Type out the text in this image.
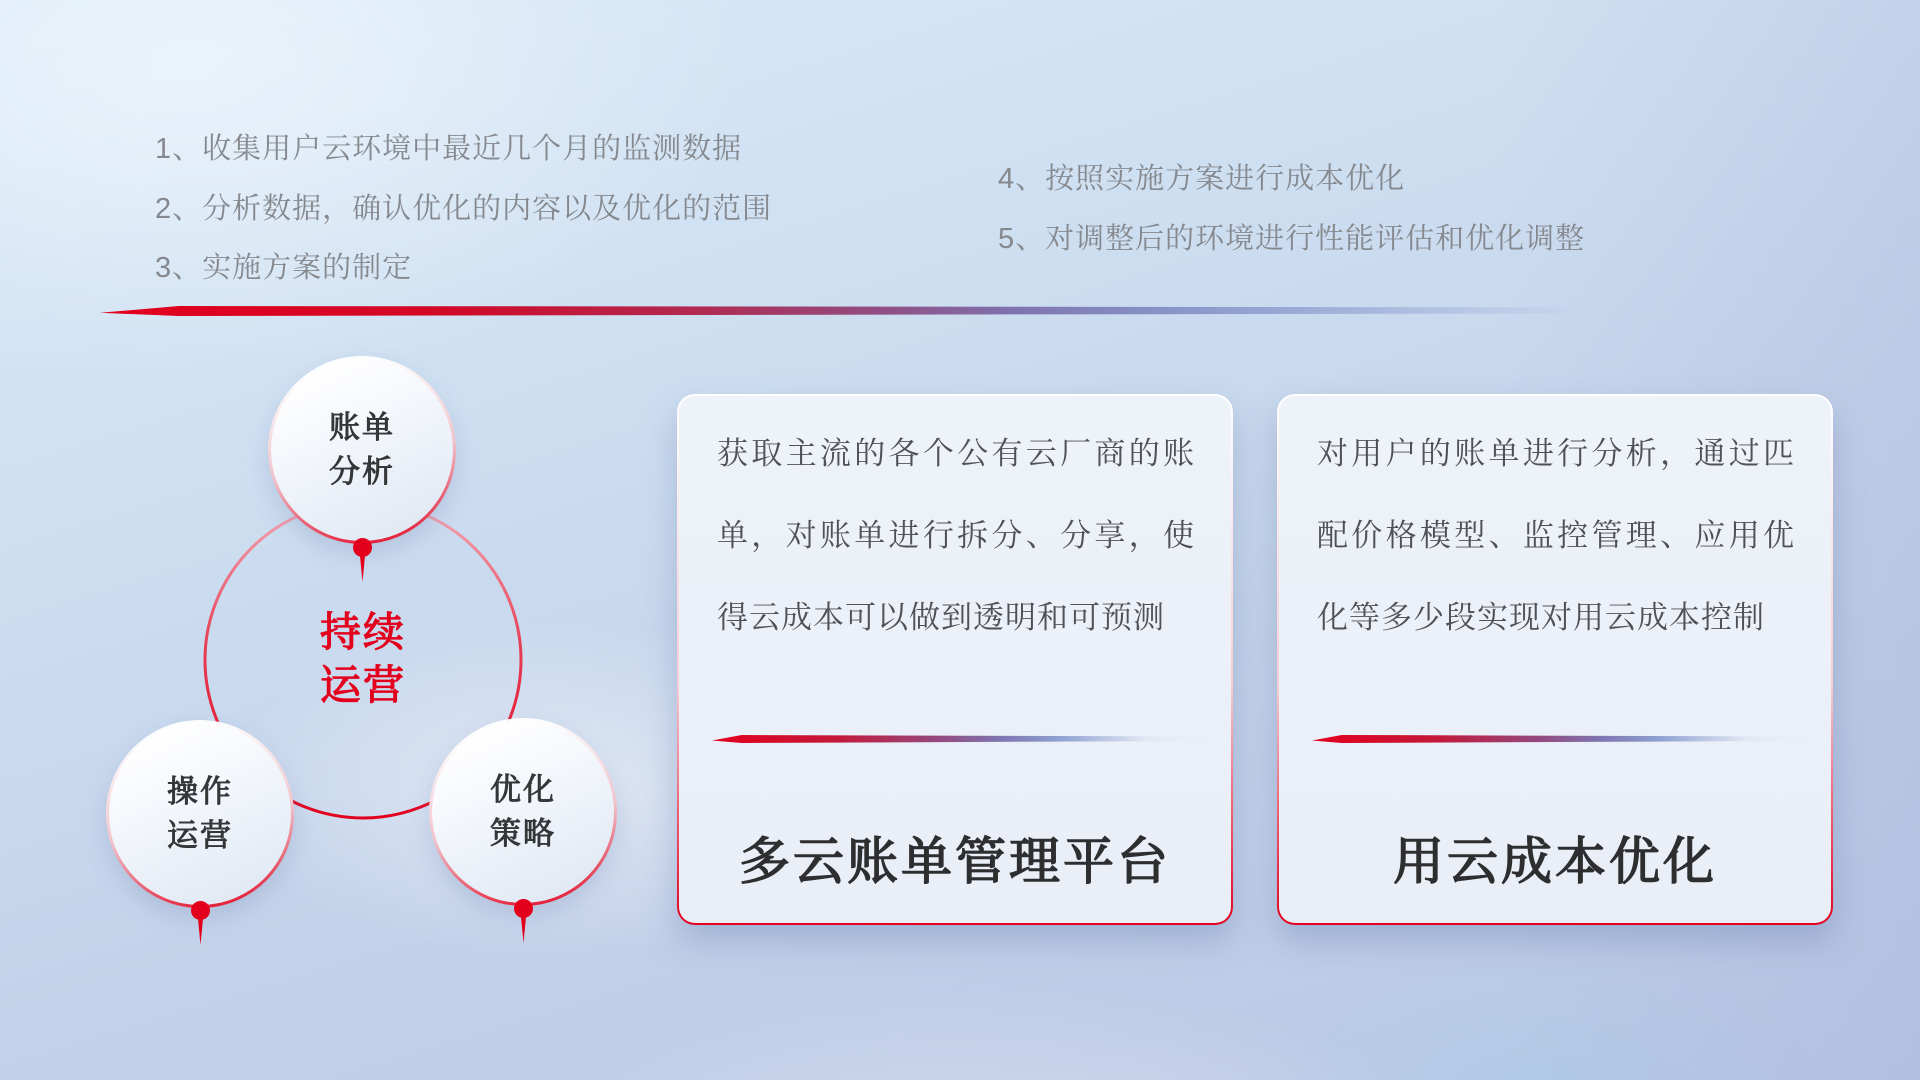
1、收集用户云环境中最近几个月的监测数据
2、分析数据，确认优化的内容以及优化的范围
3、实施方案的制定
4、按照实施方案进行成本优化
5、对调整后的环境进行性能评估和优化调整
持续
运营
账单
分析
操作
运营
优化
策略
获取主流的各个公有云厂商的账单，对账单进行拆分、分享，使得云成本可以做到透明和可预测
多云账单管理平台
对用户的账单进行分析，通过匹配价格模型、监控管理、应用优化等多少段实现对用云成本控制
用云成本优化
